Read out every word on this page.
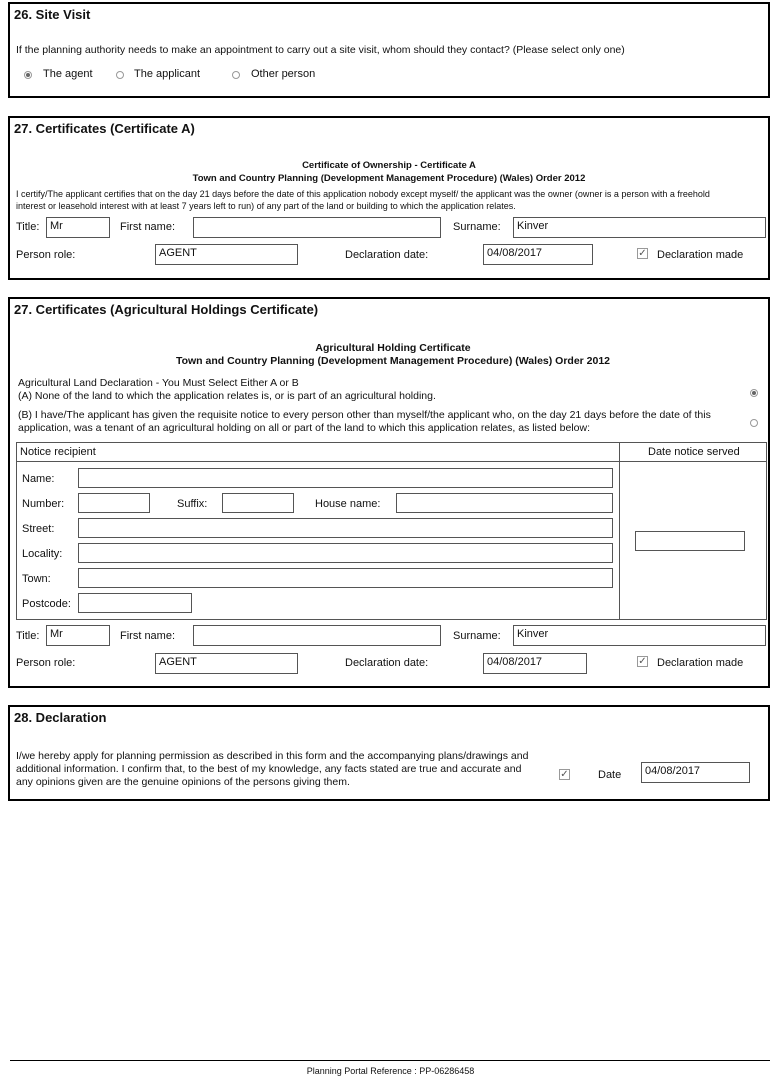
26. Site Visit
If the planning authority needs to make an appointment to carry out a site visit, whom should they contact? (Please select only one)
The agent	The applicant	Other person
27. Certificates (Certificate A)
Certificate of Ownership - Certificate A
Town and Country Planning (Development Management Procedure) (Wales) Order 2012
I certify/The applicant certifies that on the day 21 days before the date of this application nobody except myself/ the applicant was the owner (owner is a person with a freehold
interest or leasehold interest with at least 7 years left to run) of any part of the land or building to which the application relates.
Title: Mr	First name:	Surname:	Kinver
Person role:	AGENT	Declaration date:	04/08/2017	✓ Declaration made
27. Certificates (Agricultural Holdings Certificate)
Agricultural Holding Certificate
Town and Country Planning (Development Management Procedure) (Wales) Order 2012
Agricultural Land Declaration - You Must Select Either A or B
(A) None of the land to which the application relates is, or is part of an agricultural holding.
(B) I have/The applicant has given the requisite notice to every person other than myself/the applicant who, on the day 21 days before the date of this
application, was a tenant of an agricultural holding on all or part of the land to which this application relates, as listed below:
Notice recipient	Date notice served
Name:
Number:	Suffix:	House name:
Street:
Locality:
Town:
Postcode:
Title: Mr	First name:	Surname:	Kinver
Person role:	AGENT	Declaration date:	04/08/2017	✓ Declaration made
28. Declaration
I/we hereby apply for planning permission as described in this form and the accompanying plans/drawings and
additional information. I confirm that, to the best of my knowledge, any facts stated are true and accurate and
any opinions given are the genuine opinions of the persons giving them.
✓	Date	04/08/2017
Planning Portal Reference : PP-06286458
